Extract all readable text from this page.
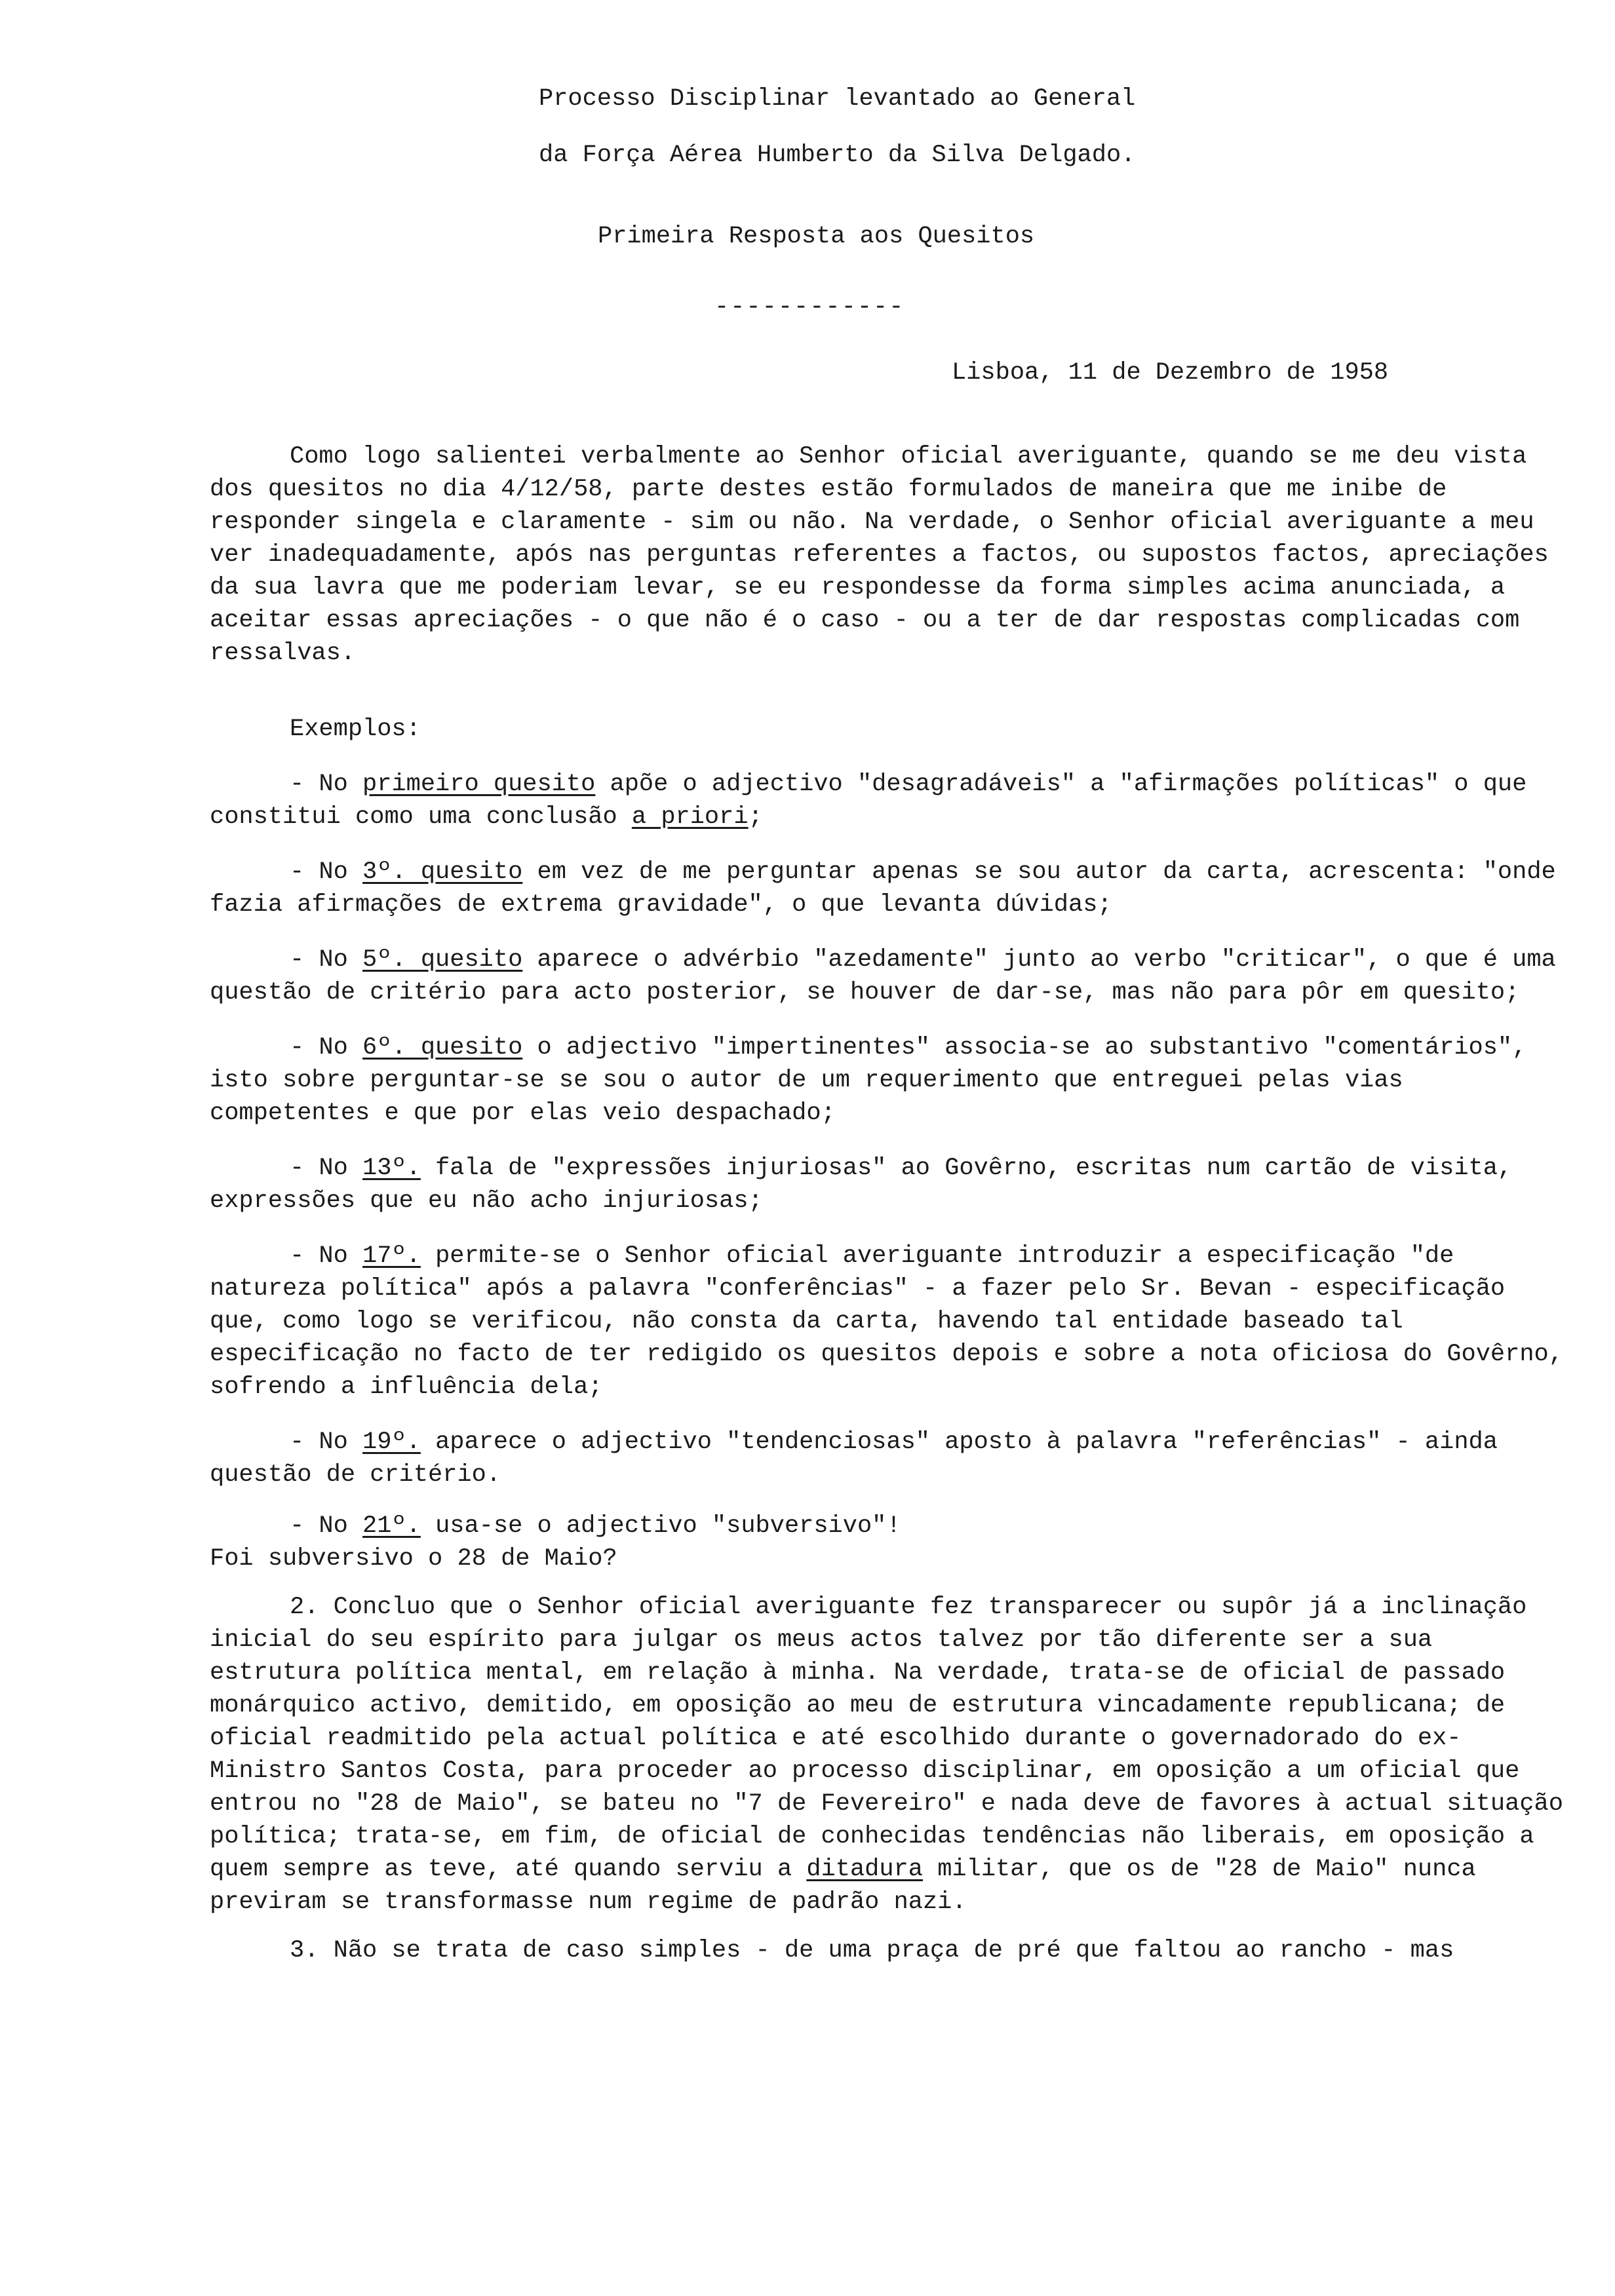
Processo Disciplinar levantado ao General
da Força Aérea Humberto da Silva Delgado.
Primeira Resposta aos Quesitos
------------
Lisboa, 11 de Dezembro de 1958

Como logo salientei verbalmente ao Senhor oficial averiguante, quando se me deu vista dos quesitos no dia 4/12/58, parte destes estão formulados de maneira que me inibe de responder singela e claramente - sim ou não. Na verdade, o Senhor oficial averiguante a meu ver inadequadamente, após nas perguntas referentes a factos, ou supostos factos, apreciações da sua lavra que me poderiam levar, se eu respondesse da forma simples acima anunciada, a aceitar essas apreciações - o que não é o caso - ou a ter de dar respostas complicadas com ressalvas.

Exemplos:

- No primeiro quesito apõe o adjectivo "desagradáveis" a "afirmações políticas" o que constitui como uma conclusão a priori;

- No 3º. quesito em vez de me perguntar apenas se sou autor da carta, acrescenta: "onde fazia afirmações de extrema gravidade", o que levanta dúvidas;

- No 5º. quesito aparece o advérbio "azedamente" junto ao verbo "criticar", o que é uma questão de critério para acto posterior, se houver de dar-se, mas não para pôr em quesito;

- No 6º. quesito o adjectivo "impertinentes" associa-se ao substantivo "comentários", isto sobre perguntar-se se sou o autor de um requerimento que entreguei pelas vias competentes e que por elas veio despachado;

- No 13º. fala de "expressões injuriosas" ao Govêrno, escritas num cartão de visita, expressões que eu não acho injuriosas;

- No 17º. permite-se o Senhor oficial averiguante introduzir a especificação "de natureza política" após a palavra "conferências" - a fazer pelo Sr. Bevan - especificação que, como logo se verificou, não consta da carta, havendo tal entidade baseado tal especificação no facto de ter redigido os quesitos depois e sobre a nota oficiosa do Govêrno, sofrendo a influência dela;

- No 19º. aparece o adjectivo "tendenciosas" aposto à palavra "referências" - ainda questão de critério.

- No 21º. usa-se o adjectivo "subversivo"!

Foi subversivo o 28 de Maio?

2. Concluo que o Senhor oficial averiguante fez transparecer ou supôr já a inclinação inicial do seu espírito para julgar os meus actos talvez por tão diferente ser a sua estrutura política mental, em relação à minha. Na verdade, trata-se de oficial de passado monárquico activo, demitido, em oposição ao meu de estrutura vincadamente republicana; de oficial readmitido pela actual política e até escolhido durante o governadorado do ex-Ministro Santos Costa, para proceder ao processo disciplinar, em oposição a um oficial que entrou no "28 de Maio", se bateu no "7 de Fevereiro" e nada deve de favores à actual situação política; trata-se, em fim, de oficial de conhecidas tendências não liberais, em oposição a quem sempre as teve, até quando serviu a ditadura militar, que os de "28 de Maio" nunca previram se transformasse num regime de padrão nazi.

3. Não se trata de caso simples - de uma praça de pré que faltou ao rancho - mas
